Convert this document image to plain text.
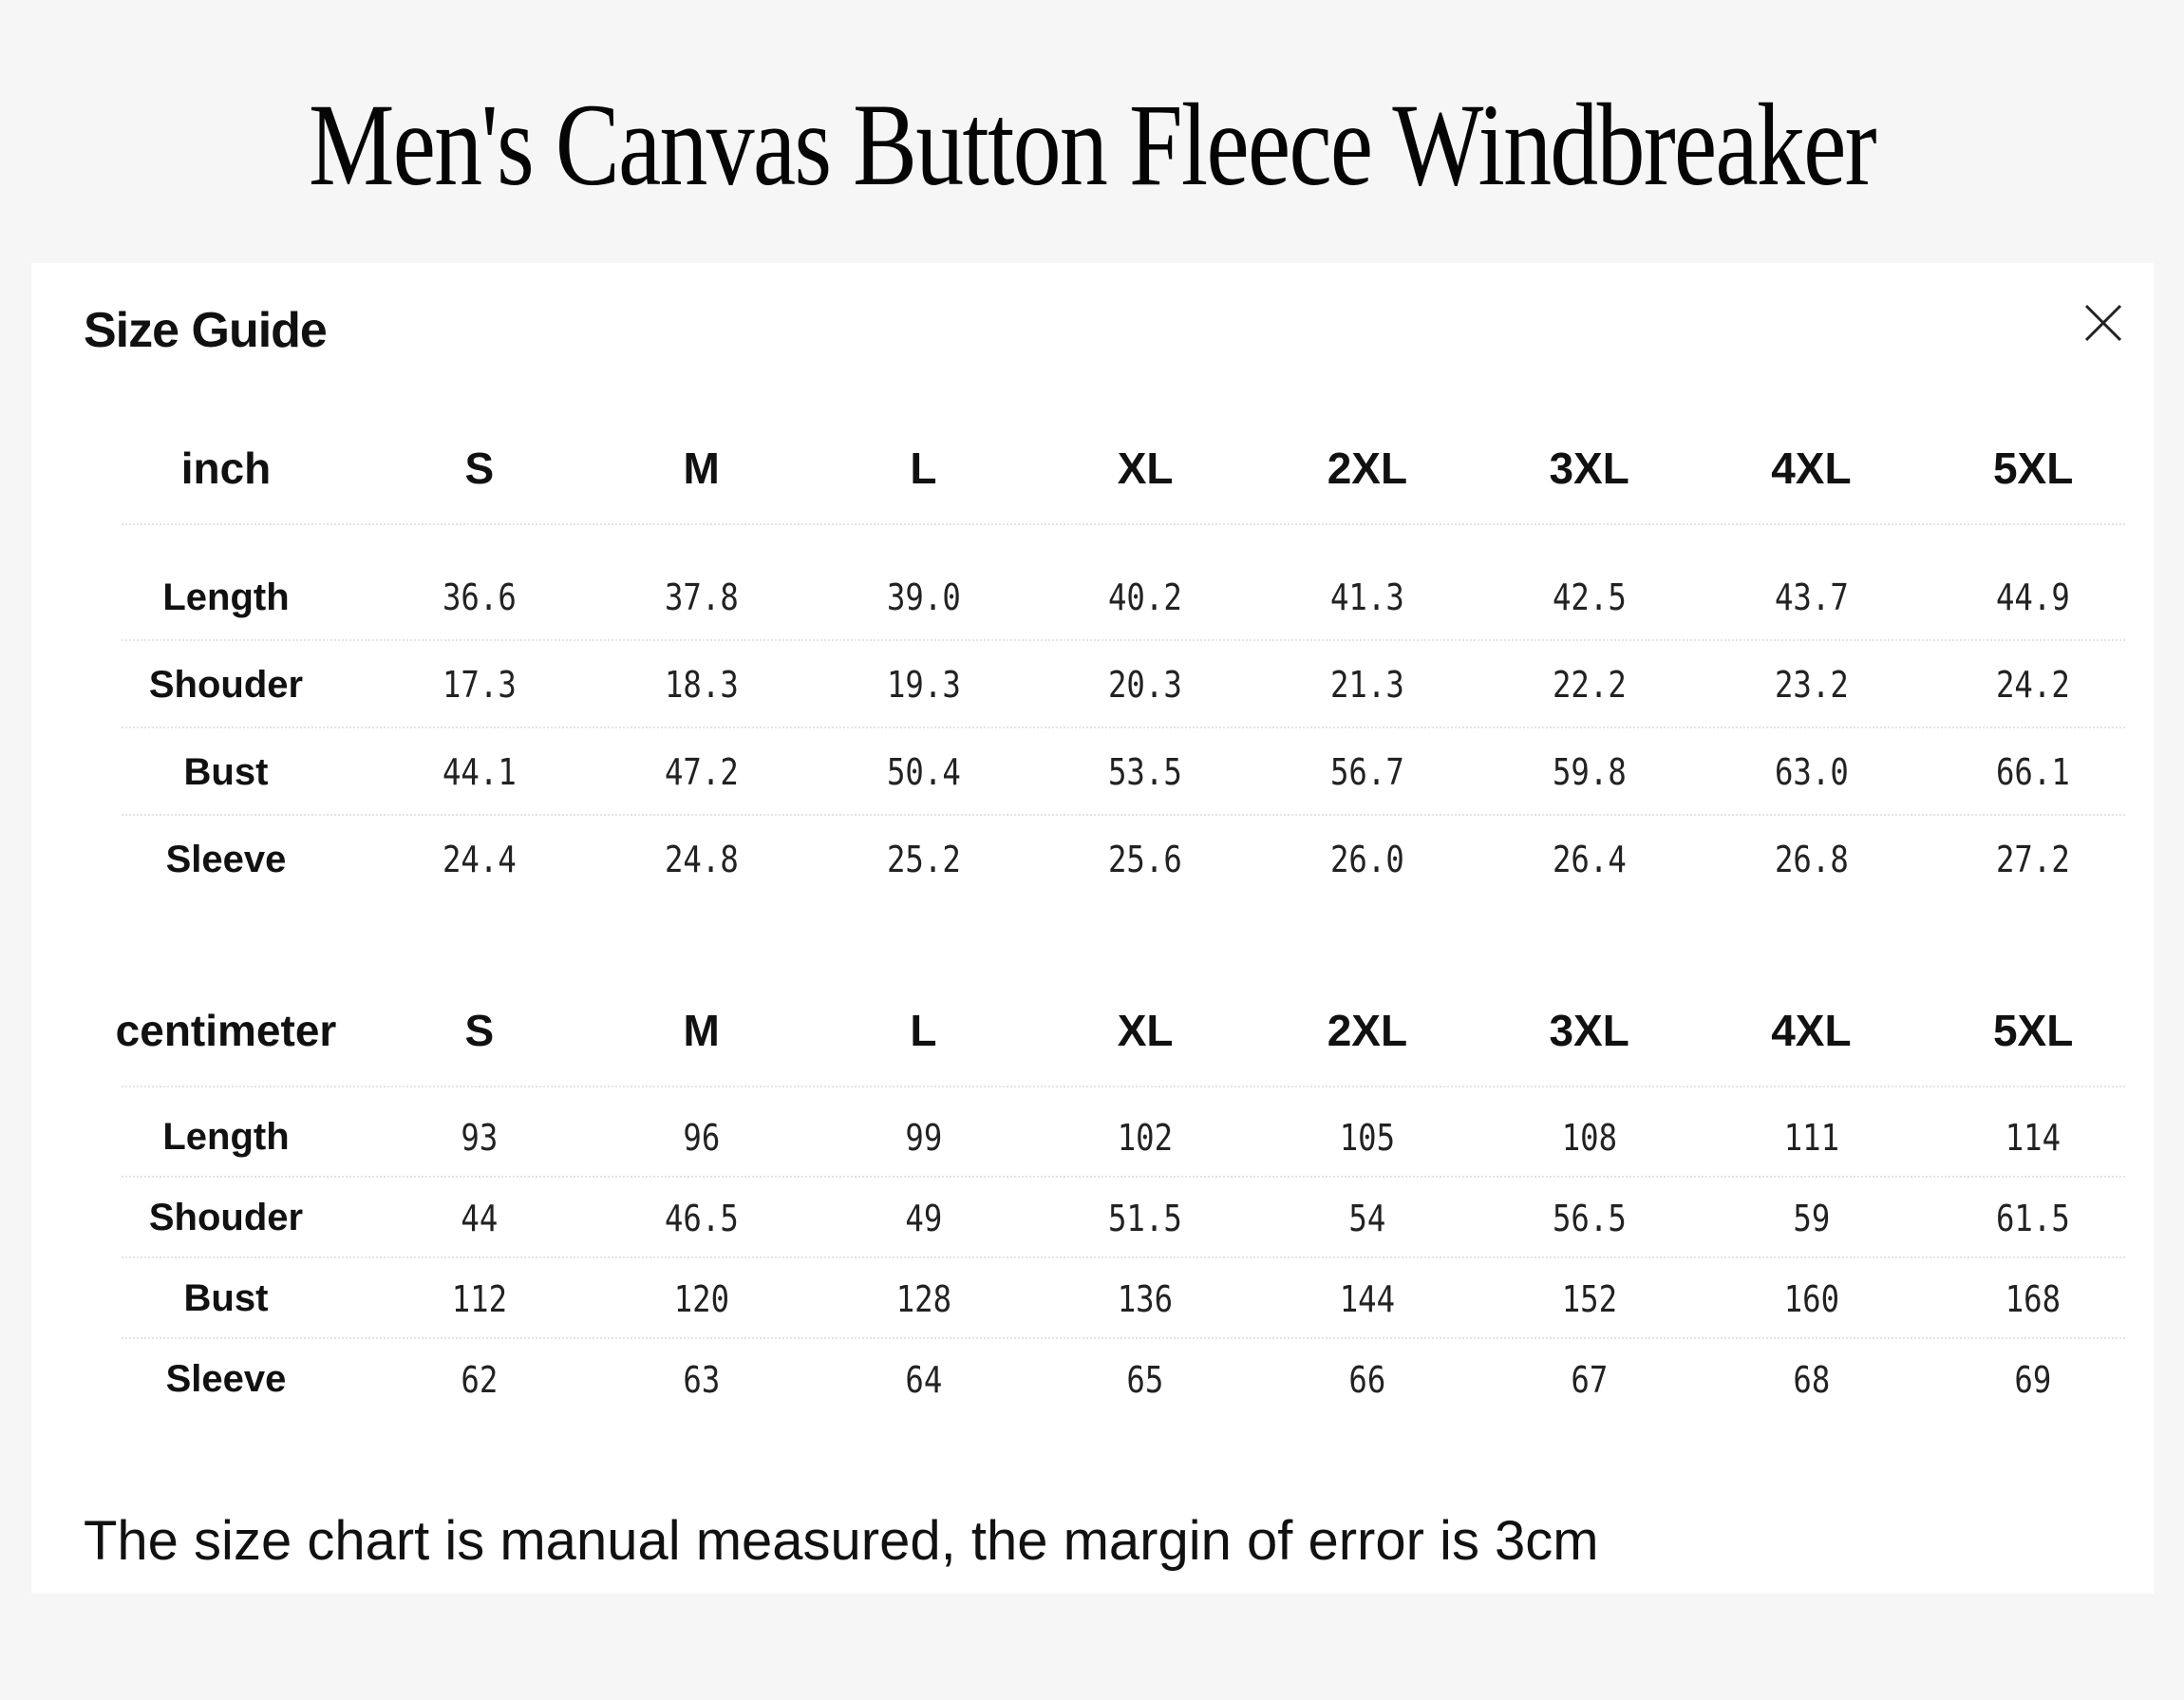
Men's Canvas Button Fleece Windbreaker
Size Guide
inch	S	M	L	XL	2XL	3XL	4XL	5XL
Length	36.6	37.8	39.0	40.2	41.3	42.5	43.7	44.9
Shouder	17.3	18.3	19.3	20.3	21.3	22.2	23.2	24.2
Bust	44.1	47.2	50.4	53.5	56.7	59.8	63.0	66.1
Sleeve	24.4	24.8	25.2	25.6	26.0	26.4	26.8	27.2
centimeter	S	M	L	XL	2XL	3XL	4XL	5XL
Length	93	96	99	102	105	108	111	114
Shouder	44	46.5	49	51.5	54	56.5	59	61.5
Bust	112	120	128	136	144	152	160	168
Sleeve	62	63	64	65	66	67	68	69
The size chart is manual measured, the margin of error is 3cm
